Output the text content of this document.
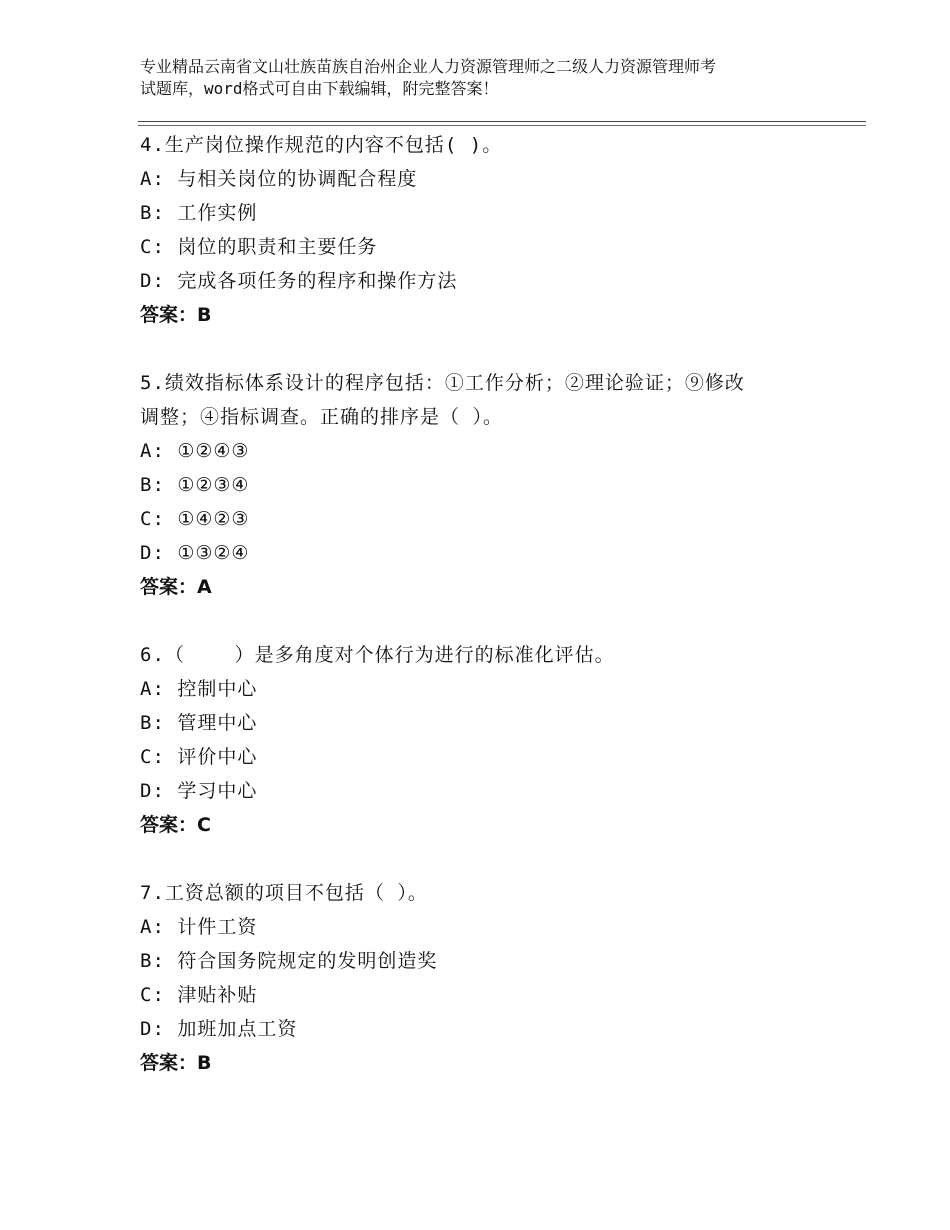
专业精品云南省文山壮族苗族自治州企业人力资源管理师之二级人力资源管理师考
试题库，word格式可自由下载编辑，附完整答案！
4.生产岗位操作规范的内容不包括( )。
A: 与相关岗位的协调配合程度
B: 工作实例
C: 岗位的职责和主要任务
D: 完成各项任务的程序和操作方法
答案：B
5.绩效指标体系设计的程序包括：①工作分析；②理论验证；⑨修改
调整；④指标调查。正确的排序是（ ）。
A: ①②④③
B: ①②③④
C: ①④②③
D: ①③②④
答案：A
6.（    ）是多角度对个体行为进行的标准化评估。
A: 控制中心
B: 管理中心
C: 评价中心
D: 学习中心
答案：C
7.工资总额的项目不包括（ ）。
A: 计件工资
B: 符合国务院规定的发明创造奖
C: 津贴补贴
D: 加班加点工资
答案：B
